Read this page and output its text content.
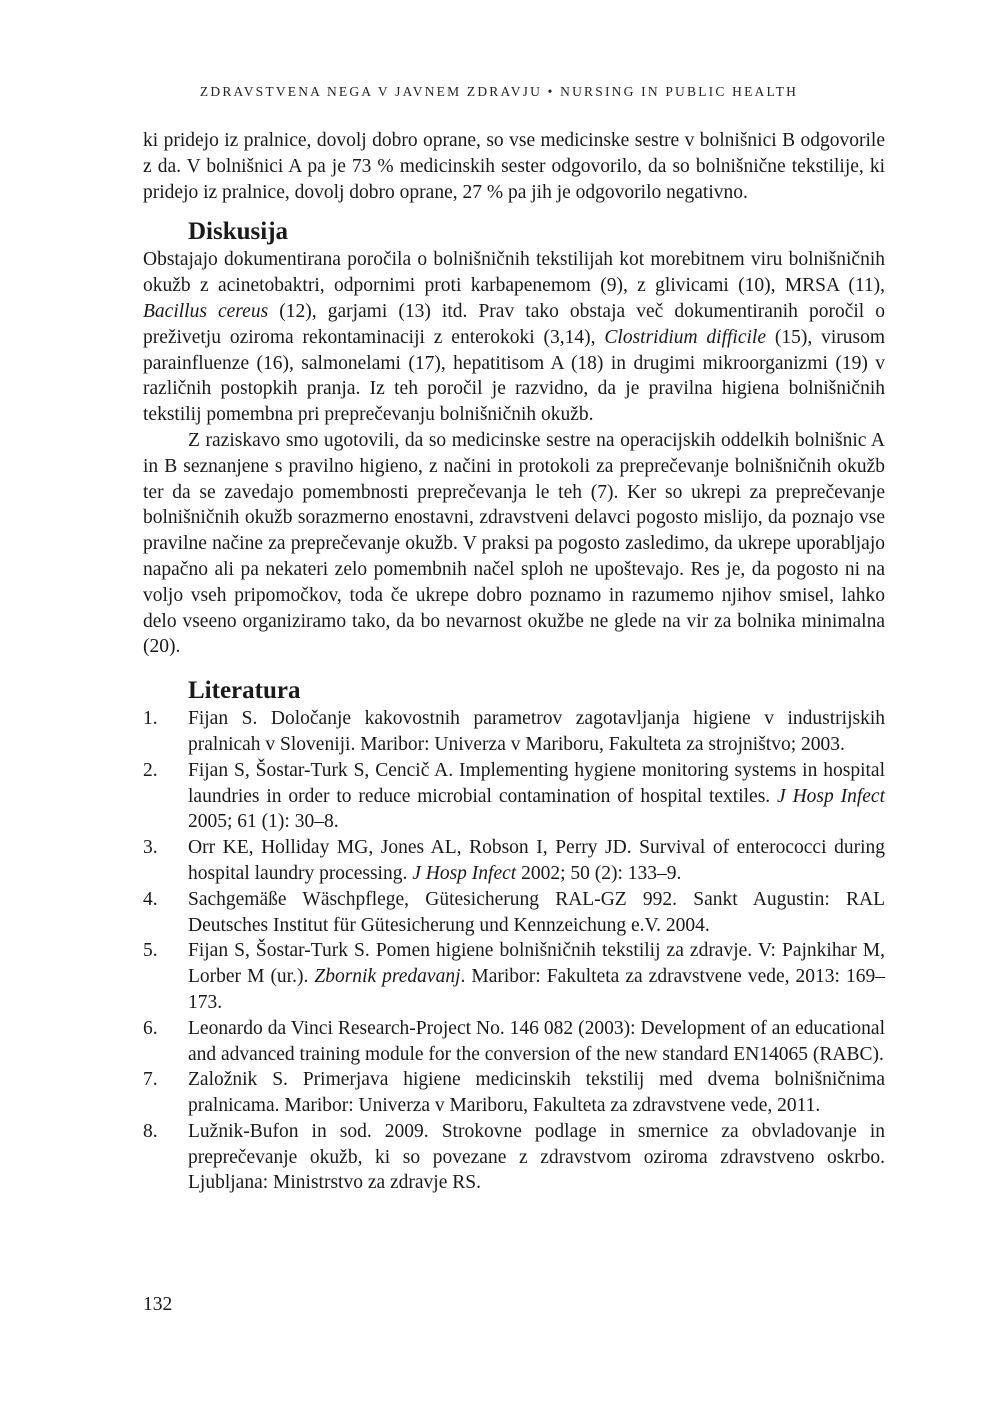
ZDRAVSTVENA NEGA V JAVNEM ZDRAVJU • NURSING IN PUBLIC HEALTH

ki pridejo iz pralnice, dovolj dobro oprane, so vse medicinske sestre v bolnišnici B odgovorile z da. V bolnišnici A pa je 73 % medicinskih sester odgovorilo, da so bolnišnične tekstilije, ki pridejo iz pralnice, dovolj dobro oprane, 27 % pa jih je odgovorilo negativno.

Diskusija

Obstajajo dokumentirana poročila o bolnišničnih tekstilijah kot morebitnem viru bolnišničnih okužb z acinetobaktri, odpornimi proti karbapenemom (9), z glivicami (10), MRSA (11), Bacillus cereus (12), garjami (13) itd. Prav tako obstaja več dokumentiranih poročil o preživetju oziroma rekontaminaciji z enterokoki (3,14), Clostridium difficile (15), virusom parainfluenze (16), salmonelami (17), hepatitisom A (18) in drugimi mikroorganizmi (19) v različnih postopkih pranja. Iz teh poročil je razvidno, da je pravilna higiena bolnišničnih tekstilij pomembna pri preprečevanju bolnišničnih okužb.

Z raziskavo smo ugotovili, da so medicinske sestre na operacijskih oddelkih bolnišnic A in B seznanjene s pravilno higieno, z načini in protokoli za preprečevanje bolnišničnih okužb ter da se zavedajo pomembnosti preprečevanja le teh (7). Ker so ukrepi za preprečevanje bolnišničnih okužb sorazmerno enostavni, zdravstveni delavci pogosto mislijo, da poznajo vse pravilne načine za preprečevanje okužb. V praksi pa pogosto zasledimo, da ukrepe uporabljajo napačno ali pa nekateri zelo pomembnih načel sploh ne upoštevajo. Res je, da pogosto ni na voljo vseh pripomočkov, toda če ukrepe dobro poznamo in razumemo njihov smisel, lahko delo vseeno organiziramo tako, da bo nevarnost okužbe ne glede na vir za bolnika minimalna (20).

Literatura
1. Fijan S. Določanje kakovostnih parametrov zagotavljanja higiene v industrijskih pralnicah v Sloveniji. Maribor: Univerza v Mariboru, Fakulteta za strojništvo; 2003.
2. Fijan S, Šostar-Turk S, Cencič A. Implementing hygiene monitoring systems in hospital laundries in order to reduce microbial contamination of hospital textiles. J Hosp Infect 2005; 61 (1): 30–8.
3. Orr KE, Holliday MG, Jones AL, Robson I, Perry JD. Survival of enterococci during hospital laundry processing. J Hosp Infect 2002; 50 (2): 133–9.
4. Sachgemäße Wäschpflege, Gütesicherung RAL-GZ 992. Sankt Augustin: RAL Deutsches Institut für Gütesicherung und Kennzeichung e.V. 2004.
5. Fijan S, Šostar-Turk S. Pomen higiene bolnišničnih tekstilij za zdravje. V: Pajnkihar M, Lorber M (ur.). Zbornik predavanj. Maribor: Fakulteta za zdravstvene vede, 2013: 169–173.
6. Leonardo da Vinci Research-Project No. 146 082 (2003): Development of an educational and advanced training module for the conversion of the new standard EN14065 (RABC).
7. Založnik S. Primerjava higiene medicinskih tekstilij med dvema bolnišničnima pralnicama. Maribor: Univerza v Mariboru, Fakulteta za zdravstvene vede, 2011.
8. Lužnik-Bufon in sod. 2009. Strokovne podlage in smernice za obvladovanje in preprečevanje okužb, ki so povezane z zdravstvom oziroma zdravstveno oskrbo. Ljubljana: Ministrstvo za zdravje RS.
132
